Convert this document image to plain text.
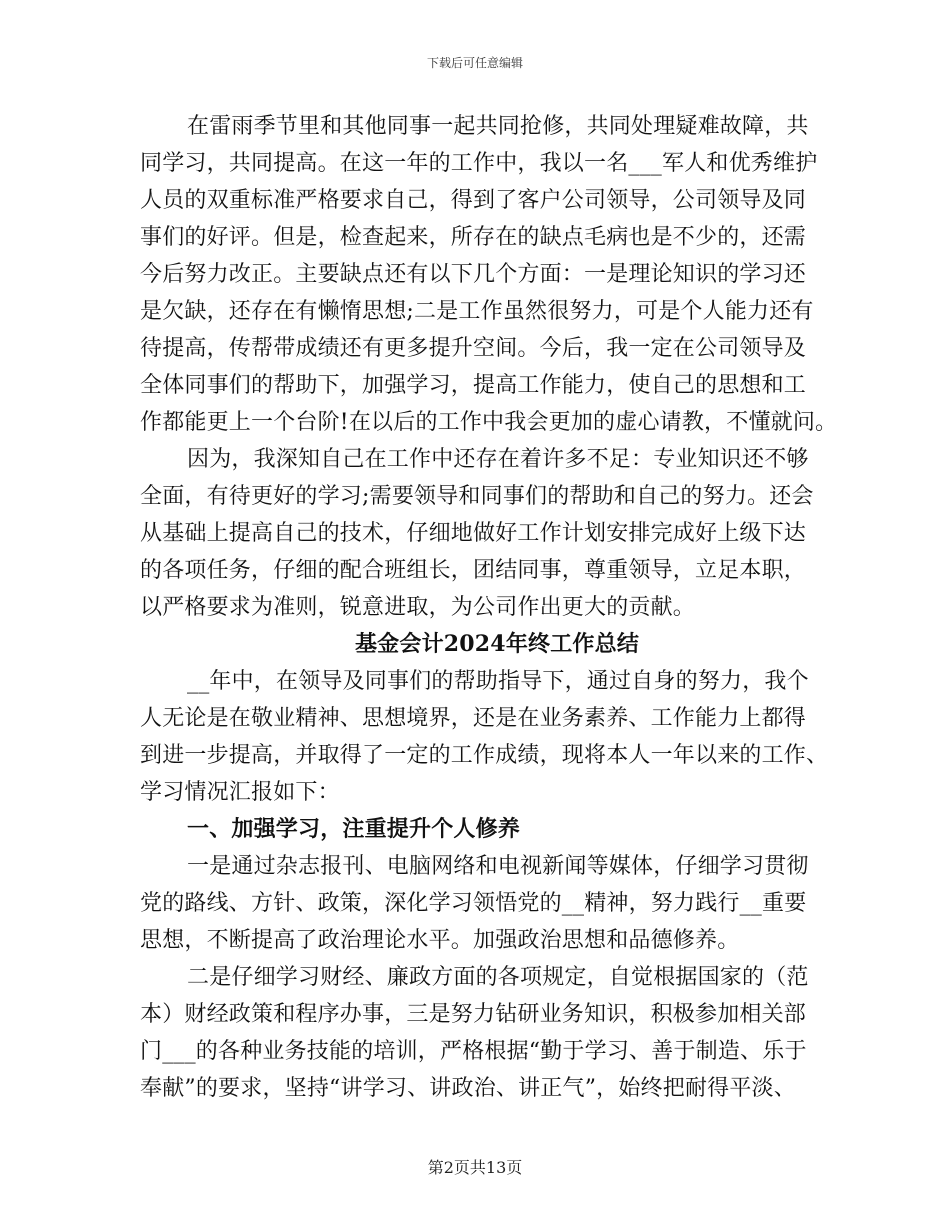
下载后可任意编辑
在雷雨季节里和其他同事一起共同抢修，共同处理疑难故障，共
同学习，共同提高。在这一年的工作中，我以一名___军人和优秀维护
人员的双重标准严格要求自己，得到了客户公司领导，公司领导及同
事们的好评。但是，检查起来，所存在的缺点毛病也是不少的，还需
今后努力改正。主要缺点还有以下几个方面：一是理论知识的学习还
是欠缺，还存在有懒惰思想;二是工作虽然很努力，可是个人能力还有
待提高，传帮带成绩还有更多提升空间。今后，我一定在公司领导及
全体同事们的帮助下，加强学习，提高工作能力，使自己的思想和工
作都能更上一个台阶!在以后的工作中我会更加的虚心请教，不懂就问。
因为，我深知自己在工作中还存在着许多不足：专业知识还不够
全面，有待更好的学习;需要领导和同事们的帮助和自己的努力。还会
从基础上提高自己的技术，仔细地做好工作计划安排完成好上级下达
的各项任务，仔细的配合班组长，团结同事，尊重领导，立足本职，
以严格要求为准则，锐意进取，为公司作出更大的贡献。
基金会计2024年终工作总结
__年中，在领导及同事们的帮助指导下，通过自身的努力，我个
人无论是在敬业精神、思想境界，还是在业务素养、工作能力上都得
到进一步提高，并取得了一定的工作成绩，现将本人一年以来的工作、
学习情况汇报如下：
一、加强学习，注重提升个人修养
一是通过杂志报刊、电脑网络和电视新闻等媒体，仔细学习贯彻
党的路线、方针、政策，深化学习领悟党的__精神，努力践行__重要
思想，不断提高了政治理论水平。加强政治思想和品德修养。
二是仔细学习财经、廉政方面的各项规定，自觉根据国家的（范
本）财经政策和程序办事，三是努力钻研业务知识，积极参加相关部
门___的各种业务技能的培训，严格根据“勤于学习、善于制造、乐于
奉献”的要求，坚持“讲学习、讲政治、讲正气”，始终把耐得平淡、
第2页共13页
